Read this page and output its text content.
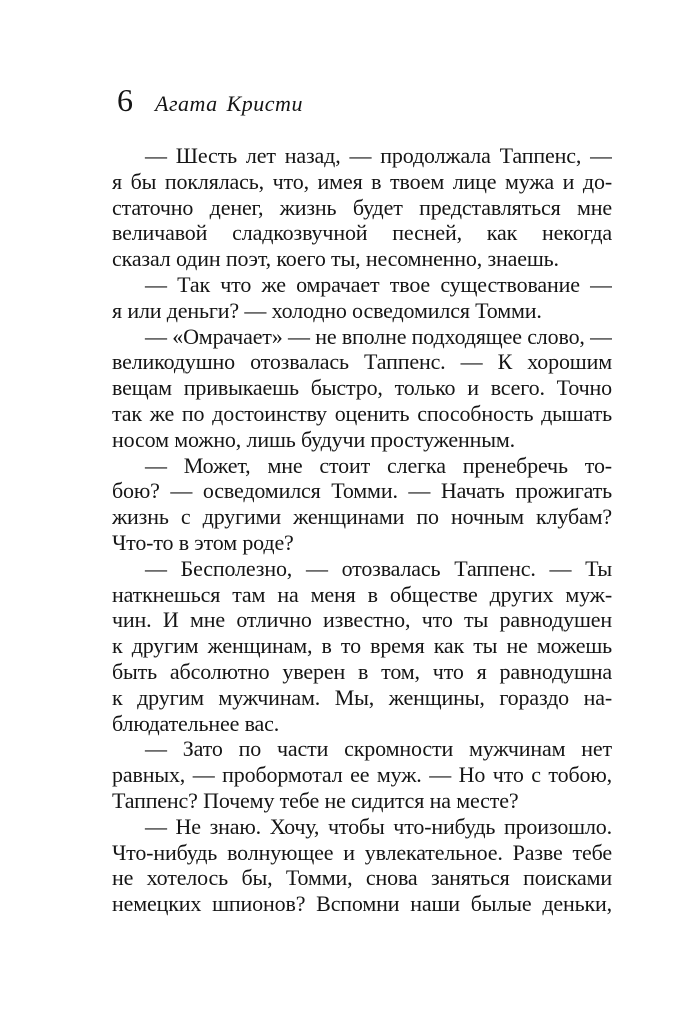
6 Агата Кристи
— Шесть лет назад, — продолжала Таппенс, —
я бы поклялась, что, имея в твоем лице мужа и до-
статочно денег, жизнь будет представляться мне
величавой сладкозвучной песней, как некогда
сказал один поэт, коего ты, несомненно, знаешь.
— Так что же омрачает твое существование —
я или деньги? — холодно осведомился Томми.
— «Омрачает» — не вполне подходящее слово, —
великодушно отозвалась Таппенс. — К хорошим
вещам привыкаешь быстро, только и всего. Точно
так же по достоинству оценить способность дышать
носом можно, лишь будучи простуженным.
— Может, мне стоит слегка пренебречь то-
бою? — осведомился Томми. — Начать прожигать
жизнь с другими женщинами по ночным клубам?
Что-то в этом роде?
— Бесполезно, — отозвалась Таппенс. — Ты
наткнешься там на меня в обществе других муж-
чин. И мне отлично известно, что ты равнодушен
к другим женщинам, в то время как ты не можешь
быть абсолютно уверен в том, что я равнодушна
к другим мужчинам. Мы, женщины, гораздо на-
блюдательнее вас.
— Зато по части скромности мужчинам нет
равных, — пробормотал ее муж. — Но что с тобою,
Таппенс? Почему тебе не сидится на месте?
— Не знаю. Хочу, чтобы что-нибудь произошло.
Что-нибудь волнующее и увлекательное. Разве тебе
не хотелось бы, Томми, снова заняться поисками
немецких шпионов? Вспомни наши былые деньки,
